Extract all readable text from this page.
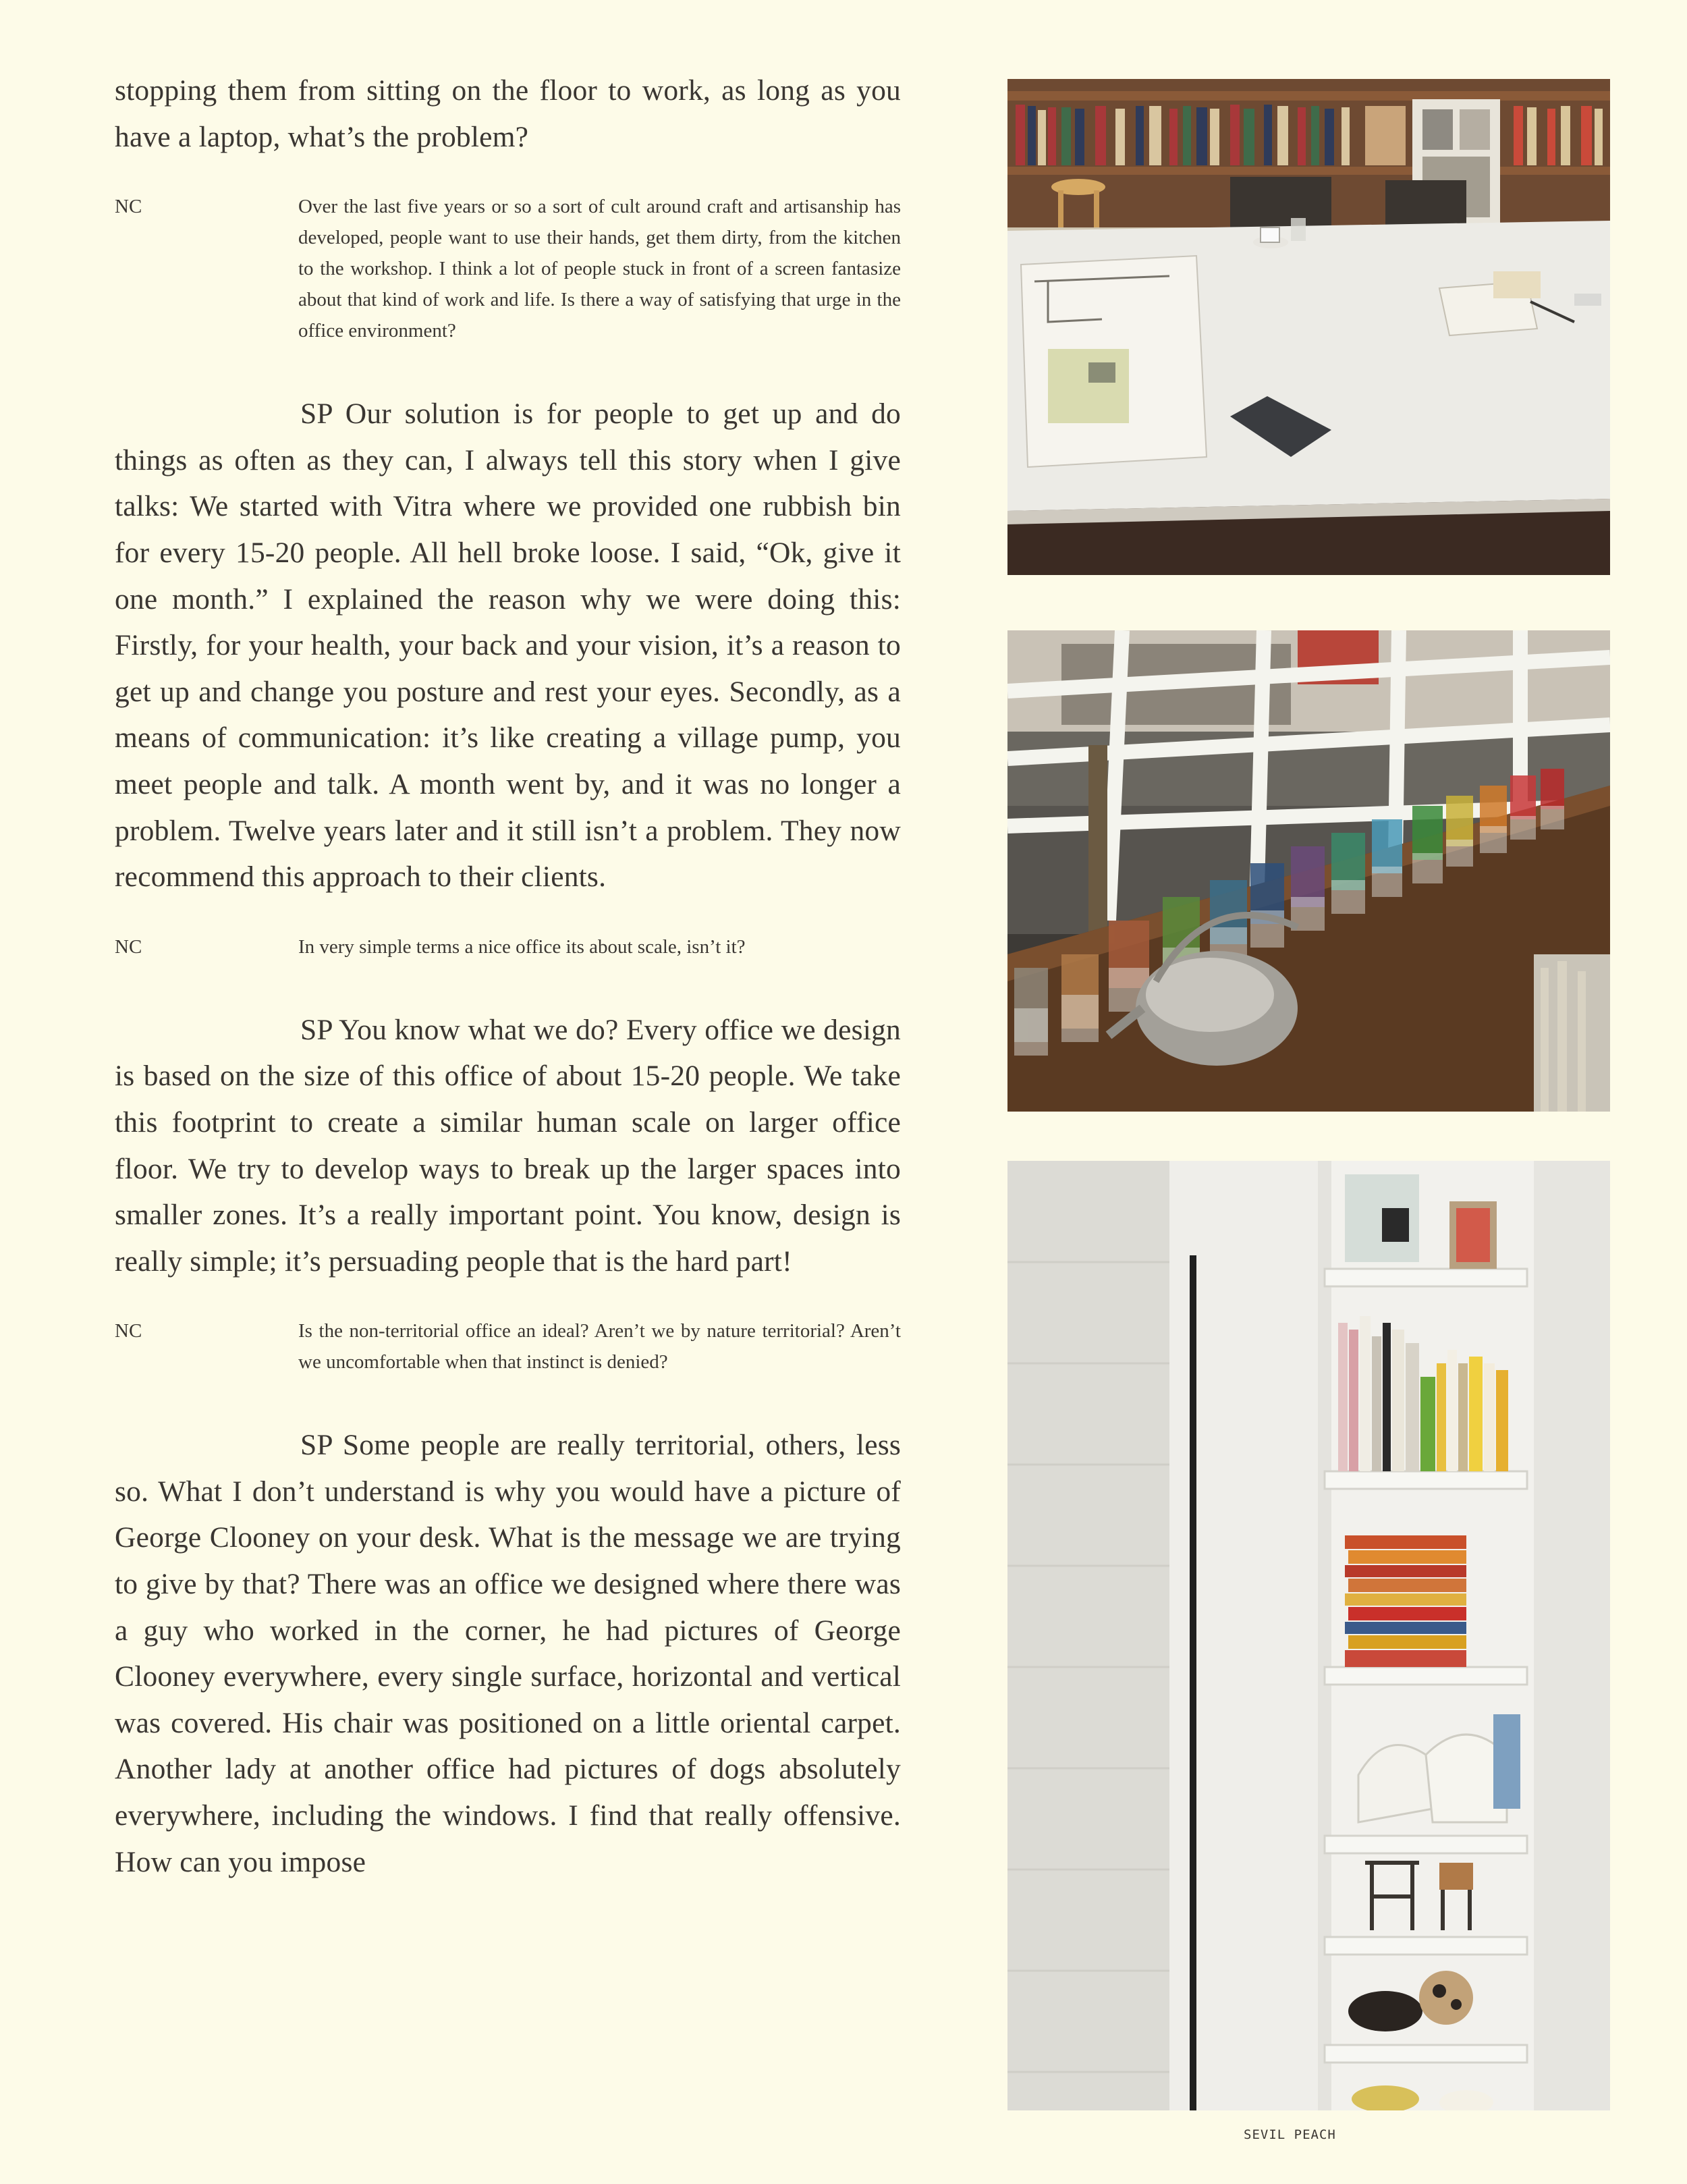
stopping them from sitting on the floor to work, as long as you have a laptop, what’s the problem?

NC	Over the last five years or so a sort of cult around craft and artisanship has developed, people want to use their hands, get them dirty, from the kitchen to the workshop. I think a lot of people stuck in front of a screen fantasize about that kind of work and life. Is there a way of satisfying that urge in the office environment?

SP Our solution is for people to get up and do things as often as they can, I always tell this story when I give talks: We started with Vitra where we provided one rubbish bin for every 15-20 people. All hell broke loose. I said, “Ok, give it one month.” I explained the reason why we were doing this: Firstly, for your health, your back and your vision, it’s a reason to get up and change you posture and rest your eyes. Secondly, as a means of communication: it’s like creating a village pump, you meet people and talk. A month went by, and it was no longer a problem. Twelve years later and it still isn’t a problem. They now recommend this approach to their clients.

NC	In very simple terms a nice office its about scale, isn’t it?

SP You know what we do? Every office we design is based on the size of this office of about 15-20 people. We take this footprint to create a similar human scale on larger office floor. We try to develop ways to break up the larger spaces into smaller zones. It’s a really important point. You know, design is really simple; it’s persuading people that is the hard part!

NC	Is the non-territorial office an ideal? Aren’t we by nature territorial? Aren’t we uncomfortable when that instinct is denied?

SP Some people are really territorial, others, less so. What I don’t understand is why you would have a picture of George Clooney on your desk. What is the message we are trying to give by that? There was an office we designed where there was a guy who worked in the corner, he had pictures of George Clooney everywhere, every single surface, horizontal and vertical was covered. His chair was positioned on a little oriental carpet. Another lady at another office had pictures of dogs absolutely everywhere, including the windows. I find that really offensive. How can you impose

SEVIL PEACH
